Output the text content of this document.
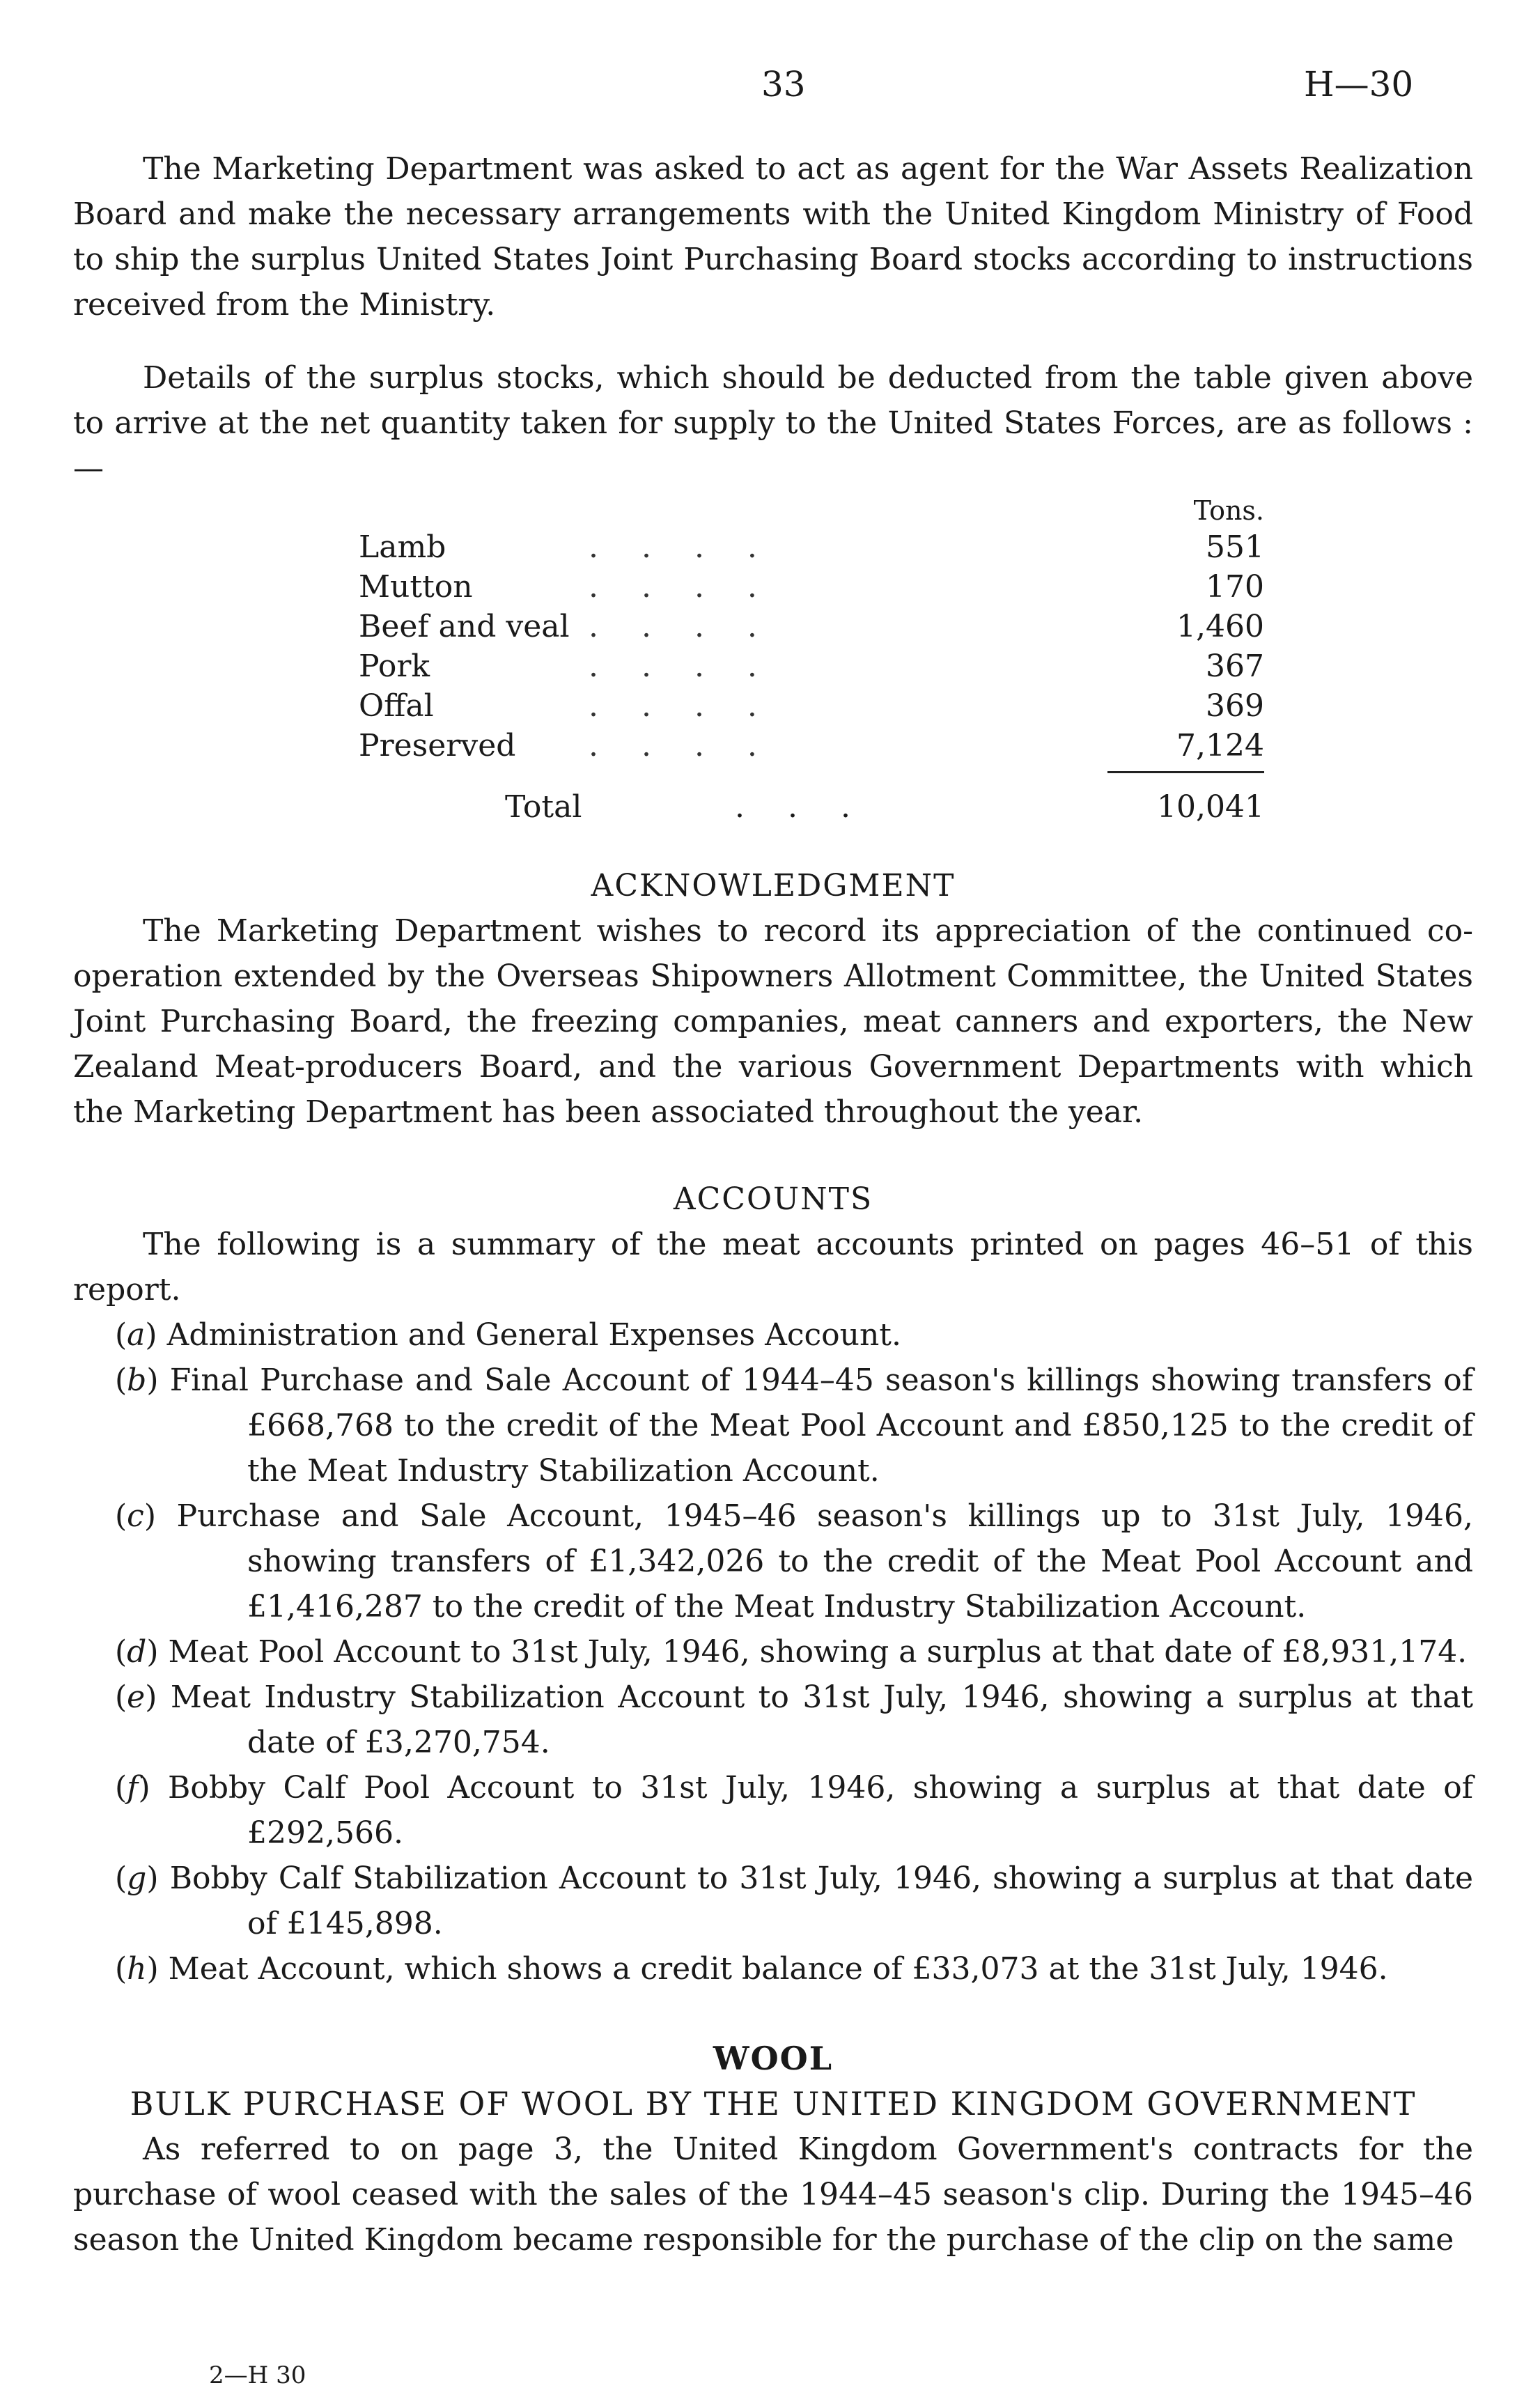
33	H—30

The Marketing Department was asked to act as agent for the War Assets Realization Board and make the necessary arrangements with the United Kingdom Ministry of Food to ship the surplus United States Joint Purchasing Board stocks according to instructions received from the Ministry.

Details of the surplus stocks, which should be deducted from the table given above to arrive at the net quantity taken for supply to the United States Forces, are as follows :—

Tons.
Lamb	. . . .	551
Mutton	. . . .	170
Beef and veal . . . .	1,460
Pork	. . . .	367
Offal	. . . .	369
Preserved	. . . .	7,124
Total	. . .	10,041
ACKNOWLEDGMENT

The Marketing Department wishes to record its appreciation of the continued co-operation extended by the Overseas Shipowners Allotment Committee, the United States Joint Purchasing Board, the freezing companies, meat canners and exporters, the New Zealand Meat-producers Board, and the various Government Departments with which the Marketing Department has been associated throughout the year.

ACCOUNTS

The following is a summary of the meat accounts printed on pages 46–51 of this report.

(a) Administration and General Expenses Account.
(b) Final Purchase and Sale Account of 1944–45 season's killings showing transfers of £668,768 to the credit of the Meat Pool Account and £850,125 to the credit of the Meat Industry Stabilization Account.
(c) Purchase and Sale Account, 1945–46 season's killings up to 31st July, 1946, showing transfers of £1,342,026 to the credit of the Meat Pool Account and £1,416,287 to the credit of the Meat Industry Stabilization Account.
(d) Meat Pool Account to 31st July, 1946, showing a surplus at that date of £8,931,174.
(e) Meat Industry Stabilization Account to 31st July, 1946, showing a surplus at that date of £3,270,754.
(f) Bobby Calf Pool Account to 31st July, 1946, showing a surplus at that date of £292,566.
(g) Bobby Calf Stabilization Account to 31st July, 1946, showing a surplus at that date of £145,898.
(h) Meat Account, which shows a credit balance of £33,073 at the 31st July, 1946.
WOOL
BULK PURCHASE OF WOOL BY THE UNITED KINGDOM GOVERNMENT

As referred to on page 3, the United Kingdom Government's contracts for the purchase of wool ceased with the sales of the 1944–45 season's clip. During the 1945–46 season the United Kingdom became responsible for the purchase of the clip on the same

2—H 30
